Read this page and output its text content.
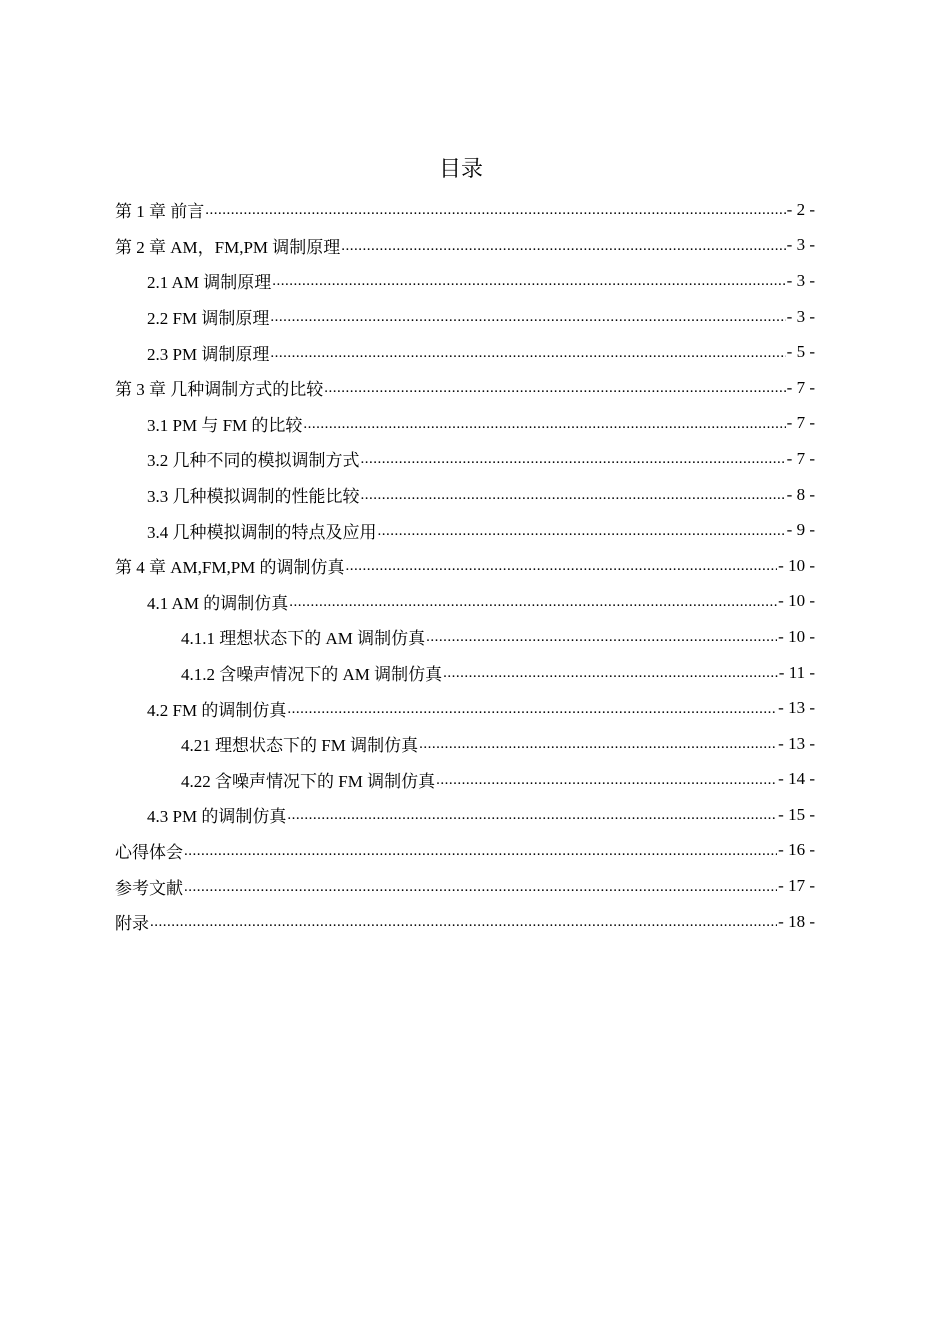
目录
第 1 章 前言 .....	- 2 -
第 2 章 AM，FM,PM 调制原理 .....	- 3 -
2.1 AM 调制原理 .....	- 3 -
2.2 FM 调制原理 .....	- 3 -
2.3 PM 调制原理 .....	- 5 -
第 3 章 几种调制方式的比较 .....	- 7 -
3.1 PM 与 FM 的比较 .....	- 7 -
3.2 几种不同的模拟调制方式 .....	- 7 -
3.3 几种模拟调制的性能比较 .....	- 8 -
3.4 几种模拟调制的特点及应用 .....	- 9 -
第 4 章 AM,FM,PM 的调制仿真 .....	- 10 -
4.1 AM 的调制仿真 .....	- 10 -
4.1.1 理想状态下的 AM 调制仿真 .....	- 10 -
4.1.2 含噪声情况下的 AM 调制仿真 .....	- 11 -
4.2 FM 的调制仿真 .....	- 13 -
4.21 理想状态下的 FM 调制仿真 .....	- 13 -
4.22 含噪声情况下的 FM 调制仿真 .....	- 14 -
4.3 PM 的调制仿真 .....	- 15 -
心得体会 .....	- 16 -
参考文献 .....	- 17 -
附录 .....	- 18 -
